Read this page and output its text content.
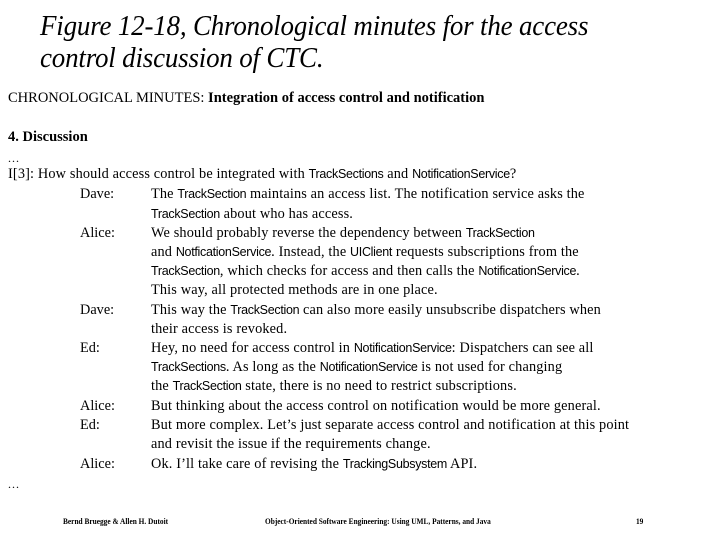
Figure 12-18, Chronological minutes for the access
control discussion of CTC.
CHRONOLOGICAL MINUTES: Integration of access control and notification
4. Discussion
...
I[3]: How should access control be integrated with TrackSections and NotificationService?
Dave:	The TrackSection maintains an access list. The notification service asks the
TrackSection about who has access.
Alice:	We should probably reverse the dependency between TrackSection
and NotficationService. Instead, the UIClient requests subscriptions from the
TrackSection, which checks for access and then calls the NotificationService.
This way, all protected methods are in one place.
Dave:	This way the TrackSection can also more easily unsubscribe dispatchers when
their access is revoked.
Ed:	Hey, no need for access control in NotificationService: Dispatchers can see all
TrackSections. As long as the NotificationService is not used for changing
the TrackSection state, there is no need to restrict subscriptions.
Alice:	But thinking about the access control on notification would be more general.
Ed:	But more complex. Let’s just separate access control and notification at this point
and revisit the issue if the requirements change.
Alice:	Ok. I’ll take care of revising the TrackingSubsystem API.
...
Bernd Bruegge & Allen H. Dutoit	Object-Oriented Software Engineering: Using UML, Patterns, and Java	19
